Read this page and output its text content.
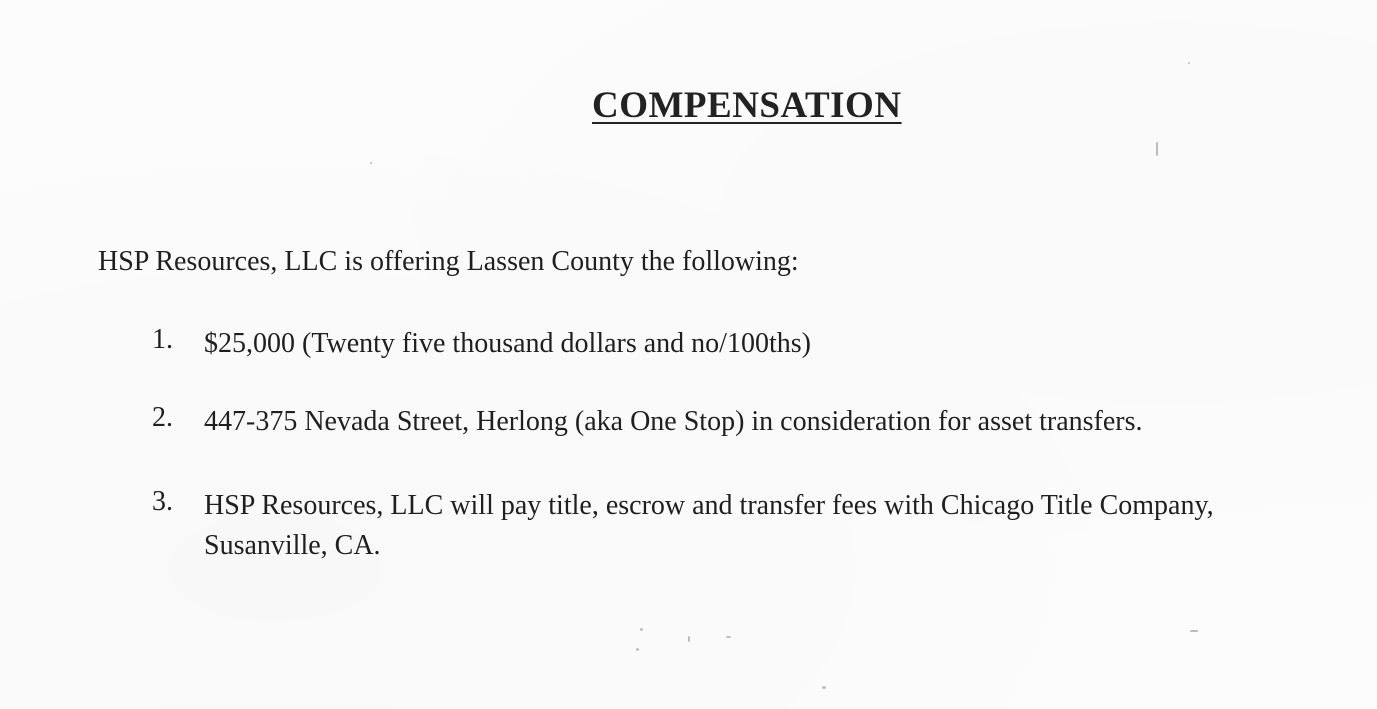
COMPENSATION
HSP Resources, LLC is offering Lassen County the following:
1. $25,000 (Twenty five thousand dollars and no/100ths)
2. 447-375 Nevada Street, Herlong (aka One Stop) in consideration for asset transfers.
3. HSP Resources, LLC will pay title, escrow and transfer fees with Chicago Title Company,
Susanville, CA.
